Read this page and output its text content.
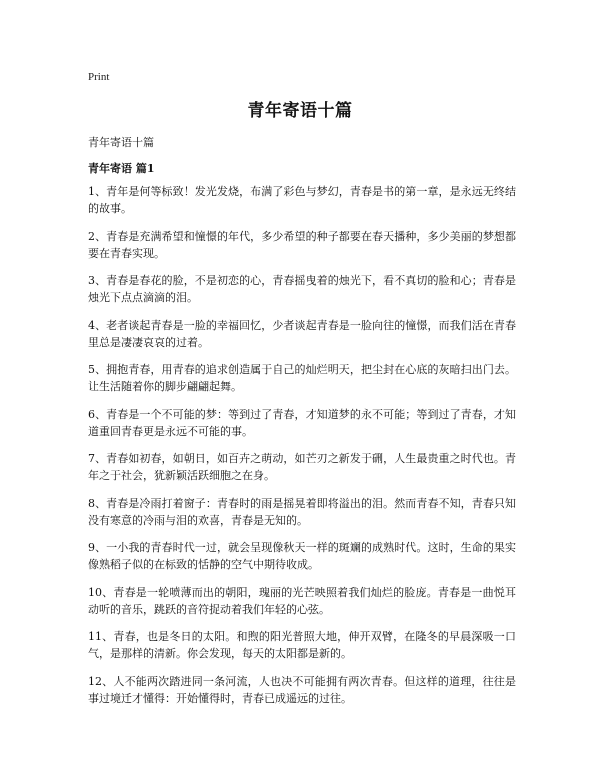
Print
青年寄语十篇

青年寄语十篇

青年寄语 篇1

1、青年是何等标致！发光发烧，布满了彩色与梦幻，青春是书的第一章，是永远无终结的故事。
2、青春是充满希望和憧憬的年代，多少希望的种子都要在春天播种，多少美丽的梦想都要在青春实现。
3、青春是春花的脸，不是初恋的心，青春摇曳着的烛光下，看不真切的脸和心；青春是烛光下点点滴滴的泪。
4、老者谈起青春是一脸的幸福回忆，少者谈起青春是一脸向往的憧憬，而我们活在青春里总是凄凄哀哀的过着。
5、拥抱青春，用青春的追求创造属于自己的灿烂明天，把尘封在心底的灰暗扫出门去。让生活随着你的脚步翩翩起舞。
6、青春是一个不可能的梦：等到过了青春，才知道梦的永不可能；等到过了青春，才知道重回青春更是永远不可能的事。
7、青春如初春，如朝日，如百卉之萌动，如芒刃之新发于硎，人生最贵重之时代也。青年之于社会，犹新颖活跃细胞之在身。
8、青春是冷雨打着窗子：青春时的雨是摇晃着即将溢出的泪。然而青春不知，青春只知没有寒意的冷雨与泪的欢喜，青春是无知的。
9、一小我的青春时代一过，就会呈现像秋天一样的斑斓的成熟时代。这时，生命的果实像熟稻子似的在标致的恬静的空气中期待收成。
10、青春是一轮喷薄而出的朝阳，瑰丽的光芒映照着我们灿烂的脸庞。青春是一曲悦耳动听的音乐，跳跃的音符捉动着我们年轻的心弦。
11、青春，也是冬日的太阳。和煦的阳光普照大地，伸开双臂，在隆冬的早晨深吸一口气，是那样的清新。你会发现，每天的太阳都是新的。
12、人不能两次踏进同一条河流，人也决不可能拥有两次青春。但这样的道理，往往是事过境迁才懂得：开始懂得时，青春已成遥远的过往。
